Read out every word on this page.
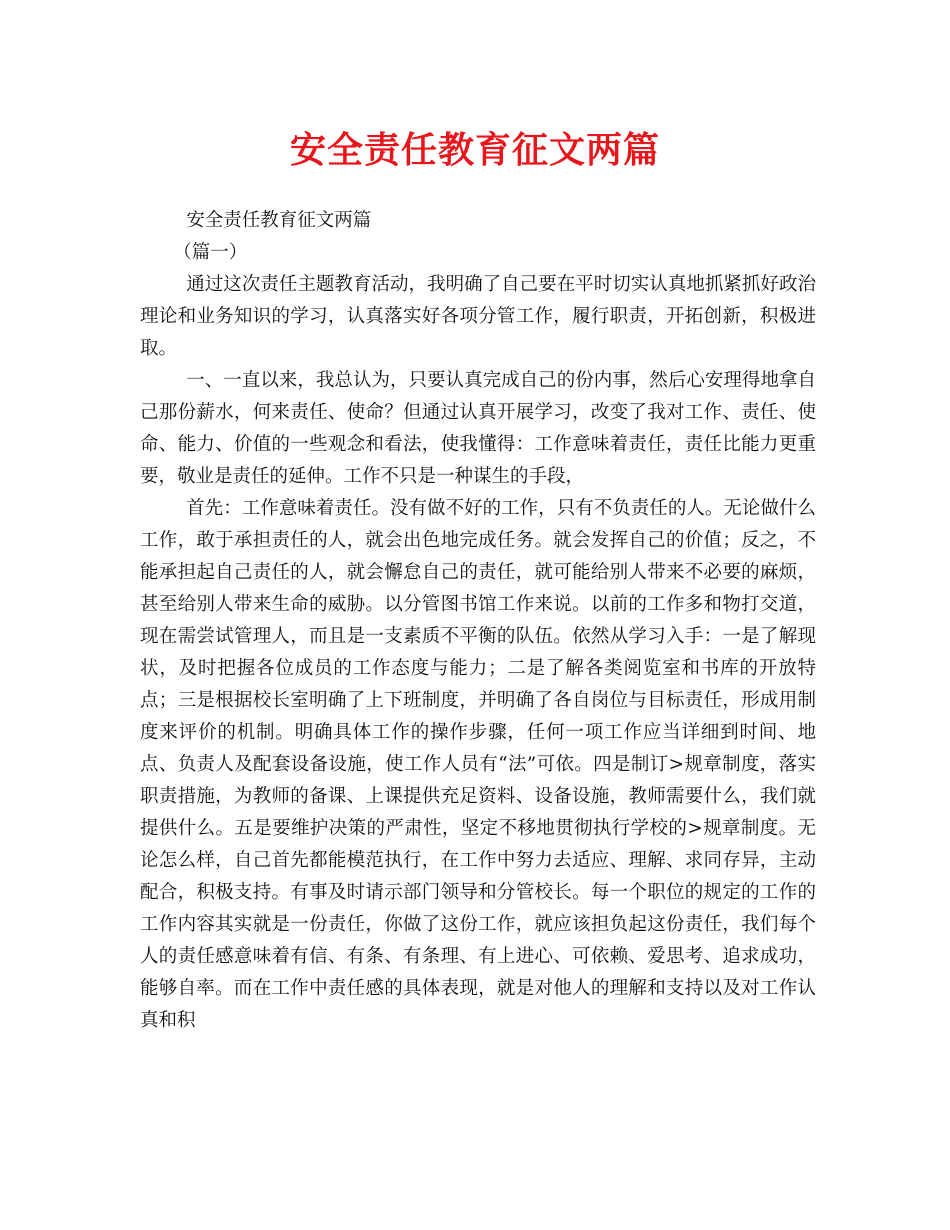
安全责任教育征文两篇

安全责任教育征文两篇

（篇一）

通过这次责任主题教育活动，我明确了自己要在平时切实认真地抓紧抓好政治理论和业务知识的学习，认真落实好各项分管工作，履行职责，开拓创新，积极进取。

一、一直以来，我总认为，只要认真完成自己的份内事，然后心安理得地拿自己那份薪水，何来责任、使命？但通过认真开展学习，改变了我对工作、责任、使命、能力、价值的一些观念和看法，使我懂得：工作意味着责任，责任比能力更重要，敬业是责任的延伸。工作不只是一种谋生的手段，

首先：工作意味着责任。没有做不好的工作，只有不负责任的人。无论做什么工作，敢于承担责任的人，就会出色地完成任务。就会发挥自己的价值；反之，不能承担起自己责任的人，就会懈怠自己的责任，就可能给别人带来不必要的麻烦，甚至给别人带来生命的威胁。以分管图书馆工作来说。以前的工作多和物打交道，现在需尝试管理人，而且是一支素质不平衡的队伍。依然从学习入手：一是了解现状，及时把握各位成员的工作态度与能力；二是了解各类阅览室和书库的开放特点；三是根据校长室明确了上下班制度，并明确了各自岗位与目标责任，形成用制度来评价的机制。明确具体工作的操作步骤，任何一项工作应当详细到时间、地点、负责人及配套设备设施，使工作人员有“法”可依。四是制订>规章制度，落实职责措施，为教师的备课、上课提供充足资料、设备设施，教师需要什么，我们就提供什么。五是要维护决策的严肃性，坚定不移地贯彻执行学校的>规章制度。无论怎么样，自己首先都能模范执行，在工作中努力去适应、理解、求同存异，主动配合，积极支持。有事及时请示部门领导和分管校长。每一个职位的规定的工作的工作内容其实就是一份责任，你做了这份工作，就应该担负起这份责任，我们每个人的责任感意味着有信、有条、有条理、有上进心、可依赖、爱思考、追求成功，能够自率。而在工作中责任感的具体表现，就是对他人的理解和支持以及对工作认真和积
